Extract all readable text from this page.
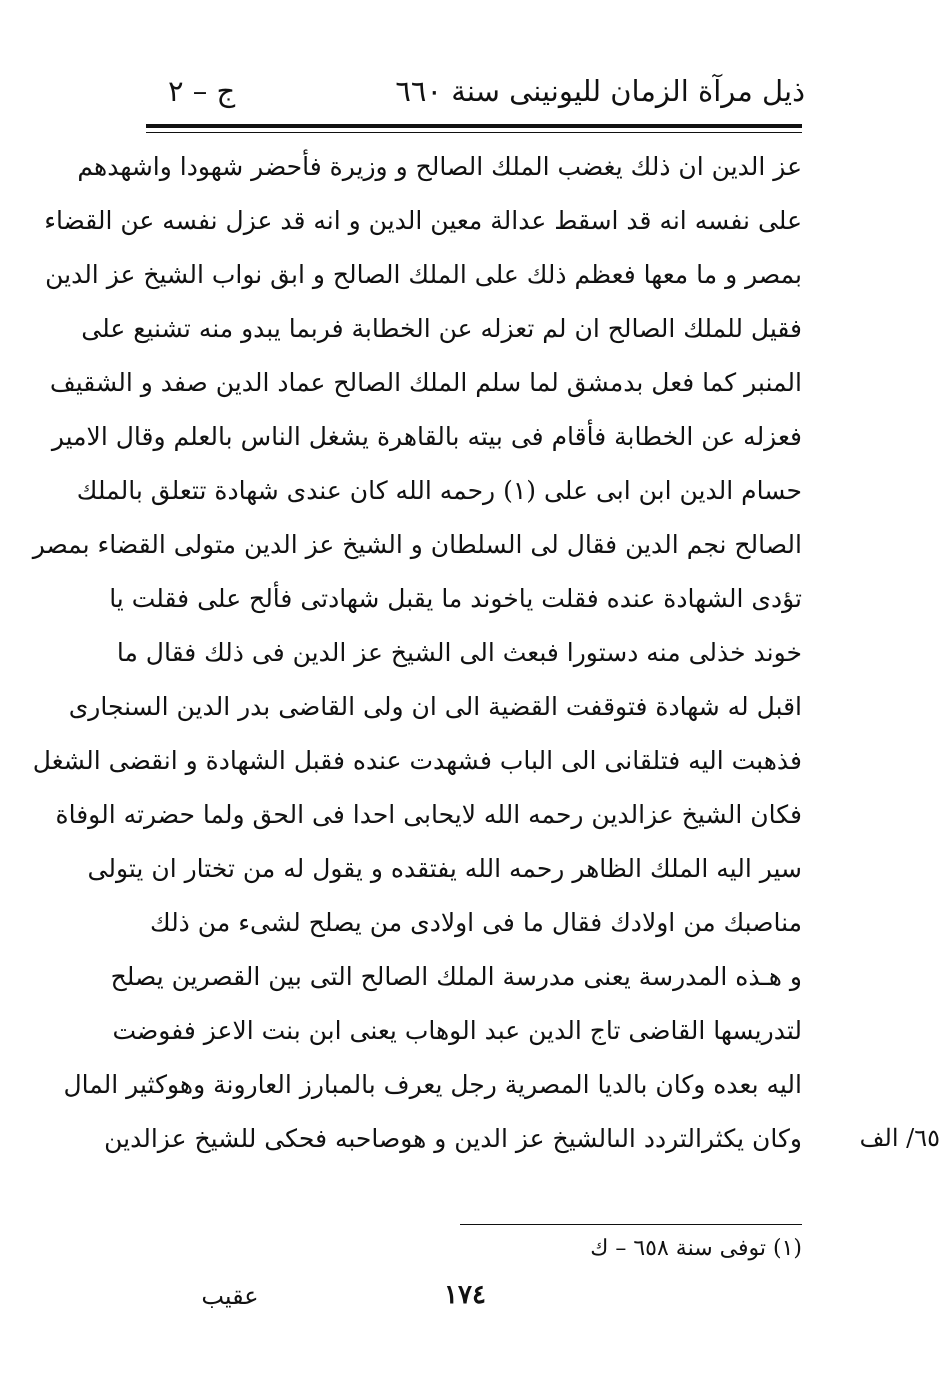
ذيل مرآة الزمان لليونينى سنة ٦٦٠
ج – ٢
عز الدين ان ذلك يغضب الملك الصالح و وزيرة فأحضر شهودا واشهدهم
على نفسه انه قد اسقط عدالة معين الدين و انه قد عزل نفسه عن القضاء
بمصر و ما معها فعظم ذلك على الملك الصالح و ابق نواب الشيخ عز الدين
فقيل للملك الصالح ان لم تعزله عن الخطابة فربما يبدو منه تشنيع على
المنبر كما فعل بدمشق لما سلم الملك الصالح عماد الدين صفد و الشقيف
فعزله عن الخطابة فأقام فى بيته بالقاهرة يشغل الناس بالعلم وقال الامير
حسام الدين ابن ابى على (١) رحمه الله كان عندى شهادة تتعلق بالملك
الصالح نجم الدين فقال لى السلطان و الشيخ عز الدين متولى القضاء بمصر
تؤدى الشهادة عنده فقلت ياخوند ما يقبل شهادتى فألح على فقلت يا
خوند خذلى منه دستورا فبعث الى الشيخ عز الدين فى ذلك فقال ما
اقبل له شهادة فتوقفت القضية الى ان ولى القاضى بدر الدين السنجارى
فذهبت اليه فتلقانى الى الباب فشهدت عنده فقبل الشهادة و انقضى الشغل
فكان الشيخ عزالدين رحمه الله لايحابى احدا فى الحق ولما حضرته الوفاة
سير اليه الملك الظاهر رحمه الله يفتقده و يقول له من تختار ان يتولى
مناصبك من اولادك فقال ما فى اولادى من يصلح لشىء من ذلك
و هـذه المدرسة يعنى مدرسة الملك الصالح التى بين القصرين يصلح
لتدريسها القاضى تاج الدين عبد الوهاب يعنى ابن بنت الاعز ففوضت
اليه بعده وكان بالديا المصرية رجل يعرف بالمبارز العارونة وهوكثير المال
وكان يكثرالتردد الىالشيخ عز الدين و هوصاحبه فحكى للشيخ عزالدين	٦٥/ الف
(١) توفى سنة ٦٥٨ – ك
عقيب	١٧٤
